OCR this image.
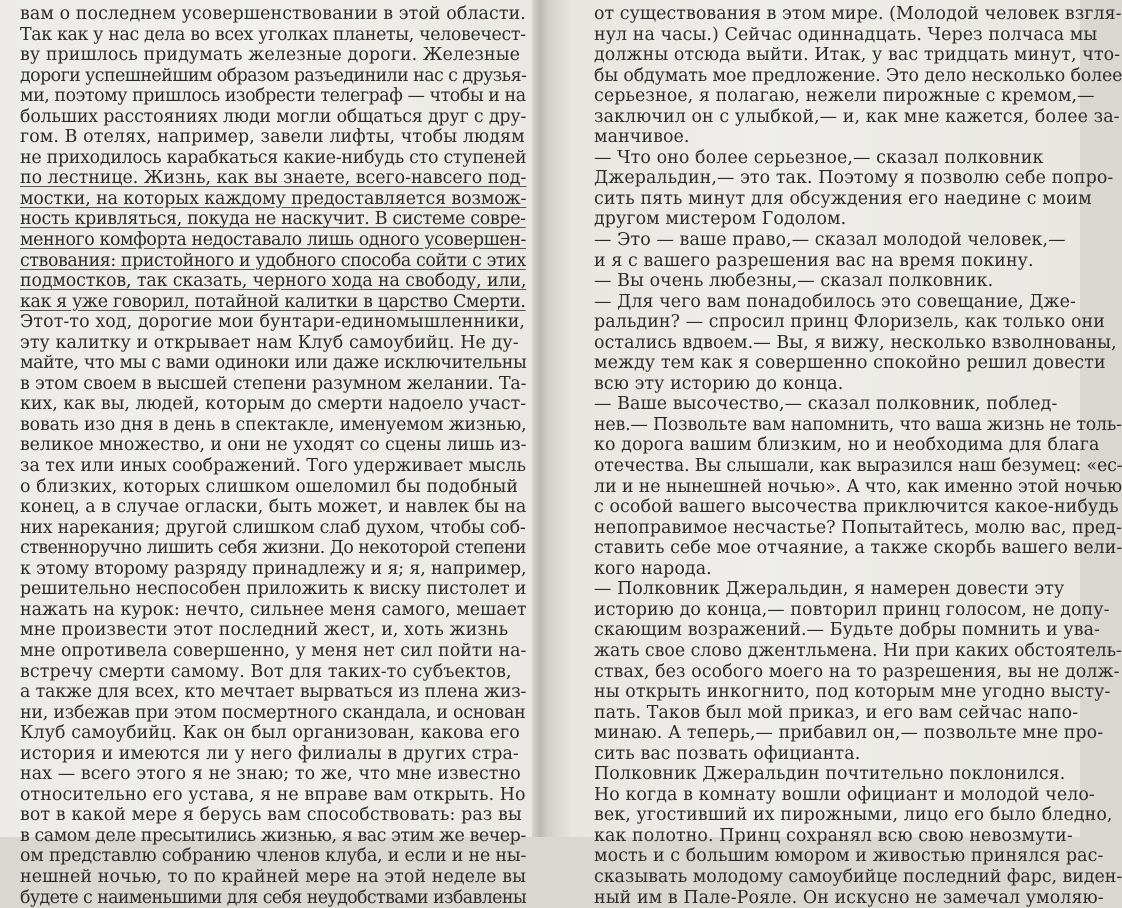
вам о последнем усовершенствовании в этой области.
Так как у нас дела во всех уголках планеты, человечест-
ву пришлось придумать железные дороги. Железные
дороги успешнейшим образом разъединили нас с друзья-
ми, поэтому пришлось изобрести телеграф — чтобы и на
больших расстояниях люди могли общаться друг с дру-
гом. В отелях, например, завели лифты, чтобы людям
не приходилось карабкаться какие-нибудь сто ступеней
по лестнице. Жизнь, как вы знаете, всего-навсего под-
мостки, на которых каждому предоставляется возмож-
ность кривляться, покуда не наскучит. В системе совре-
менного комфорта недоставало лишь одного усовершен-
ствования: пристойного и удобного способа сойти с этих
подмостков, так сказать, черного хода на свободу, или,
как я уже говорил, потайной калитки в царство Смерти.
Этот-то ход, дорогие мои бунтари-единомышленники,
эту калитку и открывает нам Клуб самоубийц. Не ду-
майте, что мы с вами одиноки или даже исключительны
в этом своем в высшей степени разумном желании. Та-
ких, как вы, людей, которым до смерти надоело участ-
вовать изо дня в день в спектакле, именуемом жизнью,
великое множество, и они не уходят со сцены лишь из-
за тех или иных соображений. Того удерживает мысль
о близких, которых слишком ошеломил бы подобный
конец, а в случае огласки, быть может, и навлек бы на
них нарекания; другой слишком слаб духом, чтобы соб-
ственноручно лишить себя жизни. До некоторой степени
к этому второму разряду принадлежу и я; я, например,
решительно неспособен приложить к виску пистолет и
нажать на курок: нечто, сильнее меня самого, мешает
мне произвести этот последний жест, и, хоть жизнь
мне опротивела совершенно, у меня нет сил пойти на-
встречу смерти самому. Вот для таких-то субъектов,
а также для всех, кто мечтает вырваться из плена жиз-
ни, избежав при этом посмертного скандала, и основан
Клуб самоубийц. Как он был организован, какова его
история и имеются ли у него филиалы в других стра-
нах — всего этого я не знаю; то же, что мне известно
относительно его устава, я не вправе вам открыть. Но
вот в какой мере я берусь вам способствовать: раз вы
в самом деле пресытились жизнью, я вас этим же вечер-
ом представлю собранию членов клуба, и если и не ны-
нешней ночью, то по крайней мере на этой неделе вы
будете с наименьшими для себя неудобствами избавлены
от существования в этом мире. (Молодой человек взгля-
нул на часы.) Сейчас одиннадцать. Через полчаса мы
должны отсюда выйти. Итак, у вас тридцать минут, что-
бы обдумать мое предложение. Это дело несколько более
серьезное, я полагаю, нежели пирожные с кремом,—
заключил он с улыбкой,— и, как мне кажется, более за-
манчивое.
— Что оно более серьезное,— сказал полковник
Джеральдин,— это так. Поэтому я позволю себе попро-
сить пять минут для обсуждения его наедине с моим
другом мистером Годолом.
— Это — ваше право,— сказал молодой человек,—
и я с вашего разрешения вас на время покину.
— Вы очень любезны,— сказал полковник.
— Для чего вам понадобилось это совещание, Дже-
ральдин? — спросил принц Флоризель, как только они
остались вдвоем.— Вы, я вижу, несколько взволнованы,
между тем как я совершенно спокойно решил довести
всю эту историю до конца.
— Ваше высочество,— сказал полковник, поблед-
нев.— Позвольте вам напомнить, что ваша жизнь не толь-
ко дорога вашим близким, но и необходима для блага
отечества. Вы слышали, как выразился наш безумец: «ес-
ли и не нынешней ночью». А что, как именно этой ночью
с особой вашего высочества приключится какое-нибудь
непоправимое несчастье? Попытайтесь, молю вас, пред-
ставить себе мое отчаяние, а также скорбь вашего вели-
кого народа.
— Полковник Джеральдин, я намерен довести эту
историю до конца,— повторил принц голосом, не допу-
скающим возражений.— Будьте добры помнить и ува-
жать свое слово джентльмена. Ни при каких обстоятель-
ствах, без особого моего на то разрешения, вы не долж-
ны открыть инкогнито, под которым мне угодно высту-
пать. Таков был мой приказ, и его вам сейчас напо-
минаю. А теперь,— прибавил он,— позвольте мне про-
сить вас позвать официанта.
Полковник Джеральдин почтительно поклонился.
Но когда в комнату вошли официант и молодой чело-
век, угостивший их пирожными, лицо его было бледно,
как полотно. Принц сохранял всю свою невозмути-
мость и с большим юмором и живостью принялся рас-
сказывать молодому самоубийце последний фарс, виден-
ный им в Пале-Рояле. Он искусно не замечал умоляю-
